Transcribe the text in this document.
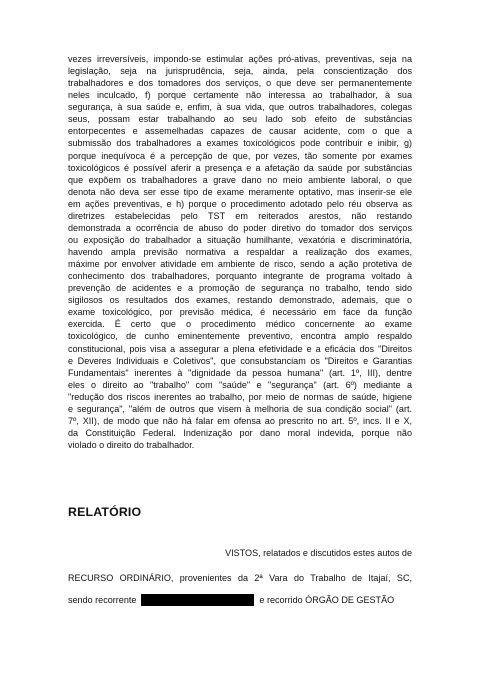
vezes irreversíveis, impondo-se estimular ações pró-ativas, preventivas, seja na
legislação, seja na jurisprudência, seja, ainda, pela conscientização dos
trabalhadores e dos tomadores dos serviços, o que deve ser permanentemente
neles inculcado, f) porque certamente não interessa ao trabalhador, à sua
segurança, à sua saúde e, enfim, à sua vida, que outros trabalhadores, colegas
seus, possam estar trabalhando ao seu lado sob efeito de substâncias
entorpecentes e assemelhadas capazes de causar acidente, com o que a
submissão dos trabalhadores a exames toxicológicos pode contribuir e inibir, g)
porque inequívoca é a percepção de que, por vezes, tão somente por exames
toxicológicos é possível aferir a presença e a afetação da saúde por substâncias
que expõem os trabalhadores a grave dano no meio ambiente laboral, o que
denota não deva ser esse tipo de exame meramente optativo, mas inserir-se ele
em ações preventivas, e h) porque o procedimento adotado pelo réu observa as
diretrizes estabelecidas pelo TST em reiterados arestos, não restando
demonstrada a ocorrência de abuso do poder diretivo do tomador dos serviços
ou exposição do trabalhador a situação humilhante, vexatória e discriminatória,
havendo ampla previsão normativa a respaldar a realização dos exames,
máxime por envolver atividade em ambiente de risco, sendo a ação protetiva de
conhecimento dos trabalhadores, porquanto integrante de programa voltado à
prevenção de acidentes e a promoção de segurança no trabalho, tendo sido
sigilosos os resultados dos exames, restando demonstrado, ademais, que o
exame toxicológico, por previsão médica, é necessário em face da função
exercida. É certo que o procedimento médico concernente ao exame
toxicológico, de cunho eminentemente preventivo, encontra amplo respaldo
constitucional, pois visa a assegurar a plena efetividade e a eficácia dos "Direitos
e Deveres Individuais e Coletivos", que consubstanciam os "Direitos e Garantias
Fundamentais" inerentes à "dignidade da pessoa humana" (art. 1º, III), dentre
eles o direito ao "trabalho" com "saúde" e "segurança" (art. 6º) mediante a
"redução dos riscos inerentes ao trabalho, por meio de normas de saúde, higiene
e segurança", "além de outros que visem à melhoria de sua condição social" (art.
7º, XII), de modo que não há falar em ofensa ao prescrito no art. 5º, incs. II e X,
da Constituição Federal. Indenização por dano moral indevida, porque não
violado o direito do trabalhador.
RELATÓRIO
VISTOS, relatados e discutidos estes autos de
RECURSO ORDINÁRIO, provenientes da 2ª Vara do Trabalho de Itajaí, SC,
sendo recorrente	e recorrido ÓRGÃO DE GESTÃO
